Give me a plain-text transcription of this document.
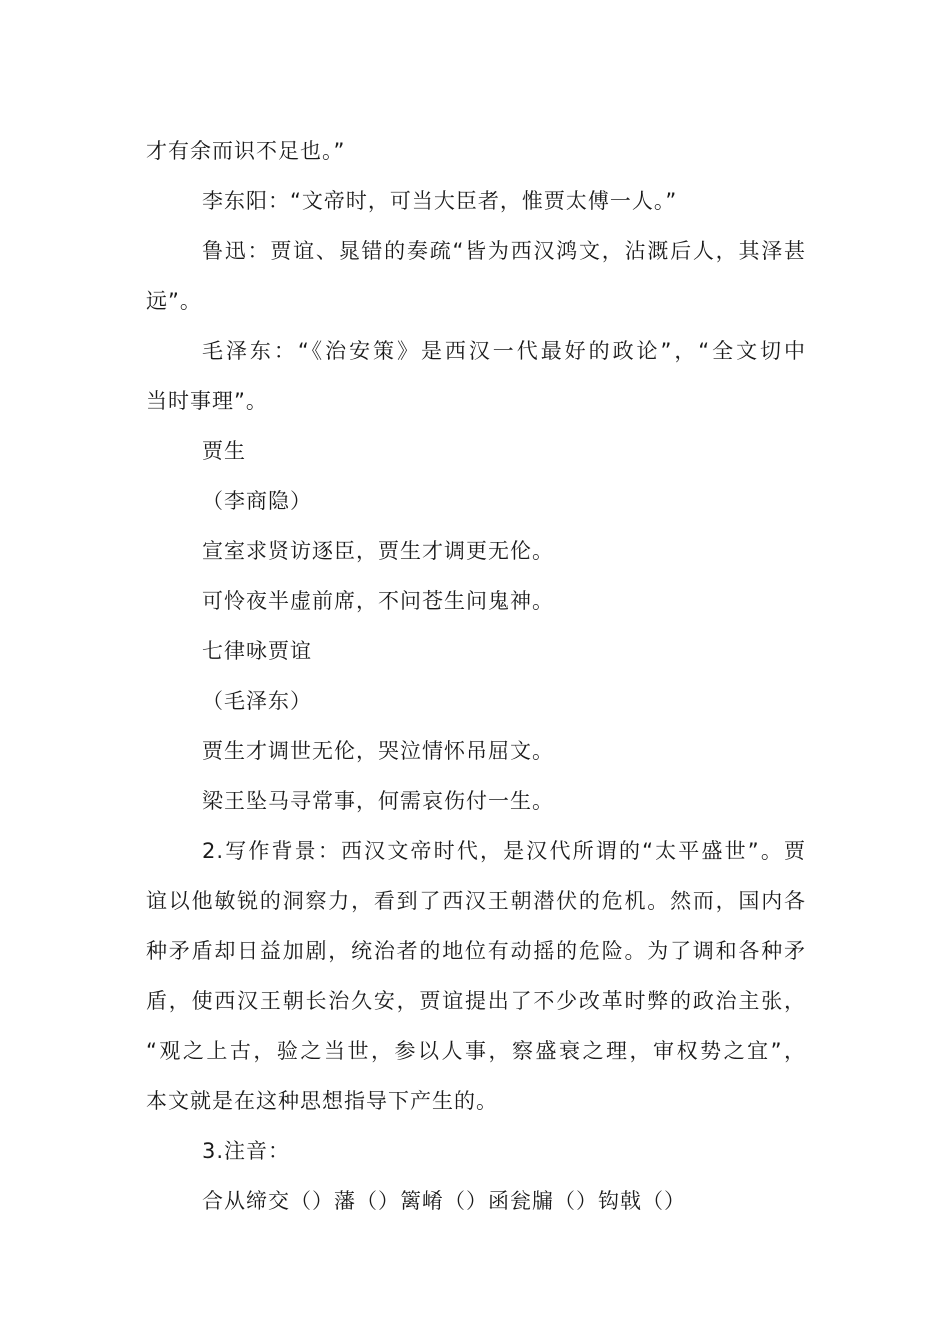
才有余而识不足也。”
李东阳：“文帝时，可当大臣者，惟贾太傅一人。”
鲁迅：贾谊、晁错的奏疏“皆为西汉鸿文，沾溉后人，其泽甚
远”。
毛泽东：“《治安策》是西汉一代最好的政论”，“全文切中
当时事理”。
贾生
（李商隐）
宣室求贤访逐臣，贾生才调更无伦。
可怜夜半虚前席，不问苍生问鬼神。
七律咏贾谊
（毛泽东）
贾生才调世无伦，哭泣情怀吊屈文。
梁王坠马寻常事，何需哀伤付一生。
2.写作背景：西汉文帝时代，是汉代所谓的“太平盛世”。贾
谊以他敏锐的洞察力，看到了西汉王朝潜伏的危机。然而，国内各
种矛盾却日益加剧，统治者的地位有动摇的危险。为了调和各种矛
盾，使西汉王朝长治久安，贾谊提出了不少改革时弊的政治主张，
“观之上古，验之当世，参以人事，察盛衰之理，审权势之宜”，
本文就是在这种思想指导下产生的。
3.注音：
合从缔交（）藩（）篱崤（）函瓮牖（）钩戟（）
